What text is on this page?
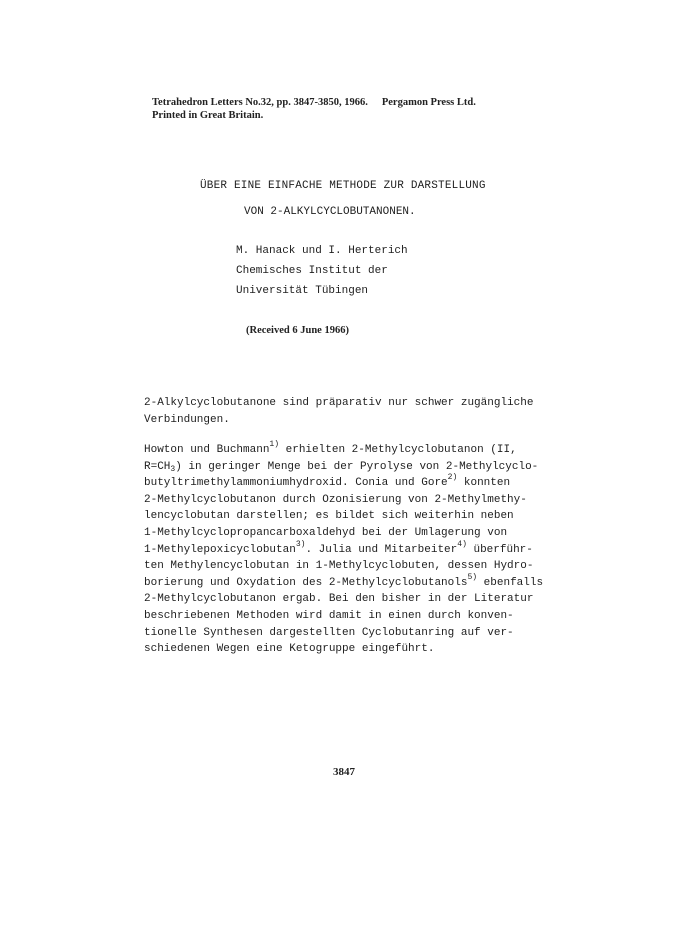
Tetrahedron Letters No.32, pp. 3847-3850, 1966. Pergamon Press Ltd.
Printed in Great Britain.
ÜBER EINE EINFACHE METHODE ZUR DARSTELLUNG
VON 2-ALKYLCYCLOBUTANONEN.
M. Hanack und I. Herterich
Chemisches Institut der
Universität Tübingen
(Received 6 June 1966)
2-Alkylcyclobutanone sind präparativ nur schwer zugängliche
Verbindungen.
Howton und Buchmann$^{1)}$ erhielten 2-Methylcyclobutanon (II,
$R=CH_3$) in geringer Menge bei der Pyrolyse von 2-Methylcyclo-
butyltrimethylammoniumhydroxid. Conia und Gore$^{2)}$ konnten
2-Methylcyclobutanon durch Ozonisierung von 2-Methylmethy-
lencyclobutan darstellen; es bildet sich weiterhin neben
1-Methylcyclopropancarboxaldehyd bei der Umlagerung von
1-Methylepoxicyclobutan$^{3)}$. Julia und Mitarbeiter$^{4)}$ überführ-
ten Methylencyclobutan in 1-Methylcyclobuten, dessen Hydro-
borierung und Oxydation des 2-Methylcyclobutanols$^{5)}$ ebenfalls
2-Methylcyclobutanon ergab. Bei den bisher in der Literatur
beschriebenen Methoden wird damit in einen durch konven-
tionelle Synthesen dargestellten Cyclobutanring auf ver-
schiedenen Wegen eine Ketogruppe eingeführt.
3847
